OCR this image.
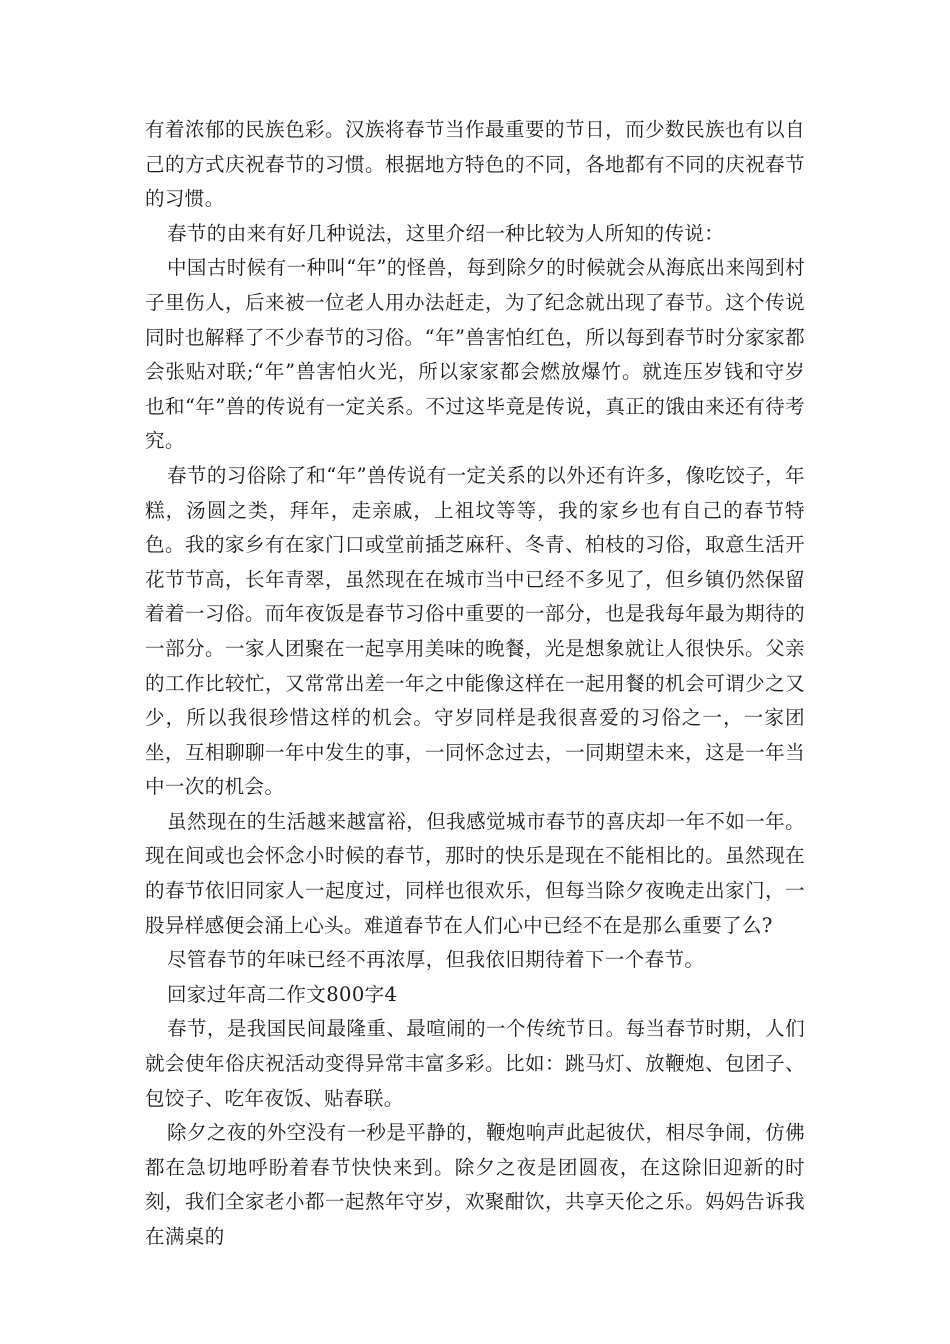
有着浓郁的民族色彩。汉族将春节当作最重要的节日，而少数民族也有以自己的方式庆祝春节的习惯。根据地方特色的不同，各地都有不同的庆祝春节的习惯。

春节的由来有好几种说法，这里介绍一种比较为人所知的传说：

中国古时候有一种叫“年”的怪兽，每到除夕的时候就会从海底出来闯到村子里伤人，后来被一位老人用办法赶走，为了纪念就出现了春节。这个传说同时也解释了不少春节的习俗。“年”兽害怕红色，所以每到春节时分家家都会张贴对联;“年”兽害怕火光，所以家家都会燃放爆竹。就连压岁钱和守岁也和“年”兽的传说有一定关系。不过这毕竟是传说，真正的饿由来还有待考究。

春节的习俗除了和“年”兽传说有一定关系的以外还有许多，像吃饺子，年糕，汤圆之类，拜年，走亲戚，上祖坟等等，我的家乡也有自己的春节特色。我的家乡有在家门口或堂前插芝麻秆、冬青、柏枝的习俗，取意生活开花节节高，长年青翠，虽然现在在城市当中已经不多见了，但乡镇仍然保留着着一习俗。而年夜饭是春节习俗中重要的一部分，也是我每年最为期待的一部分。一家人团聚在一起享用美味的晚餐，光是想象就让人很快乐。父亲的工作比较忙，又常常出差一年之中能像这样在一起用餐的机会可谓少之又少，所以我很珍惜这样的机会。守岁同样是我很喜爱的习俗之一，一家团坐，互相聊聊一年中发生的事，一同怀念过去，一同期望未来，这是一年当中一次的机会。

虽然现在的生活越来越富裕，但我感觉城市春节的喜庆却一年不如一年。现在间或也会怀念小时候的春节，那时的快乐是现在不能相比的。虽然现在的春节依旧同家人一起度过，同样也很欢乐，但每当除夕夜晚走出家门，一股异样感便会涌上心头。难道春节在人们心中已经不在是那么重要了么?

尽管春节的年味已经不再浓厚，但我依旧期待着下一个春节。

回家过年高二作文800字4

春节，是我国民间最隆重、最喧闹的一个传统节日。每当春节时期，人们就会使年俗庆祝活动变得异常丰富多彩。比如：跳马灯、放鞭炮、包团子、包饺子、吃年夜饭、贴春联。

除夕之夜的外空没有一秒是平静的，鞭炮响声此起彼伏，相尽争闹，仿佛都在急切地呼盼着春节快快来到。除夕之夜是团圆夜，在这除旧迎新的时刻，我们全家老小都一起熬年守岁，欢聚酣饮，共享天伦之乐。妈妈告诉我在满桌的
